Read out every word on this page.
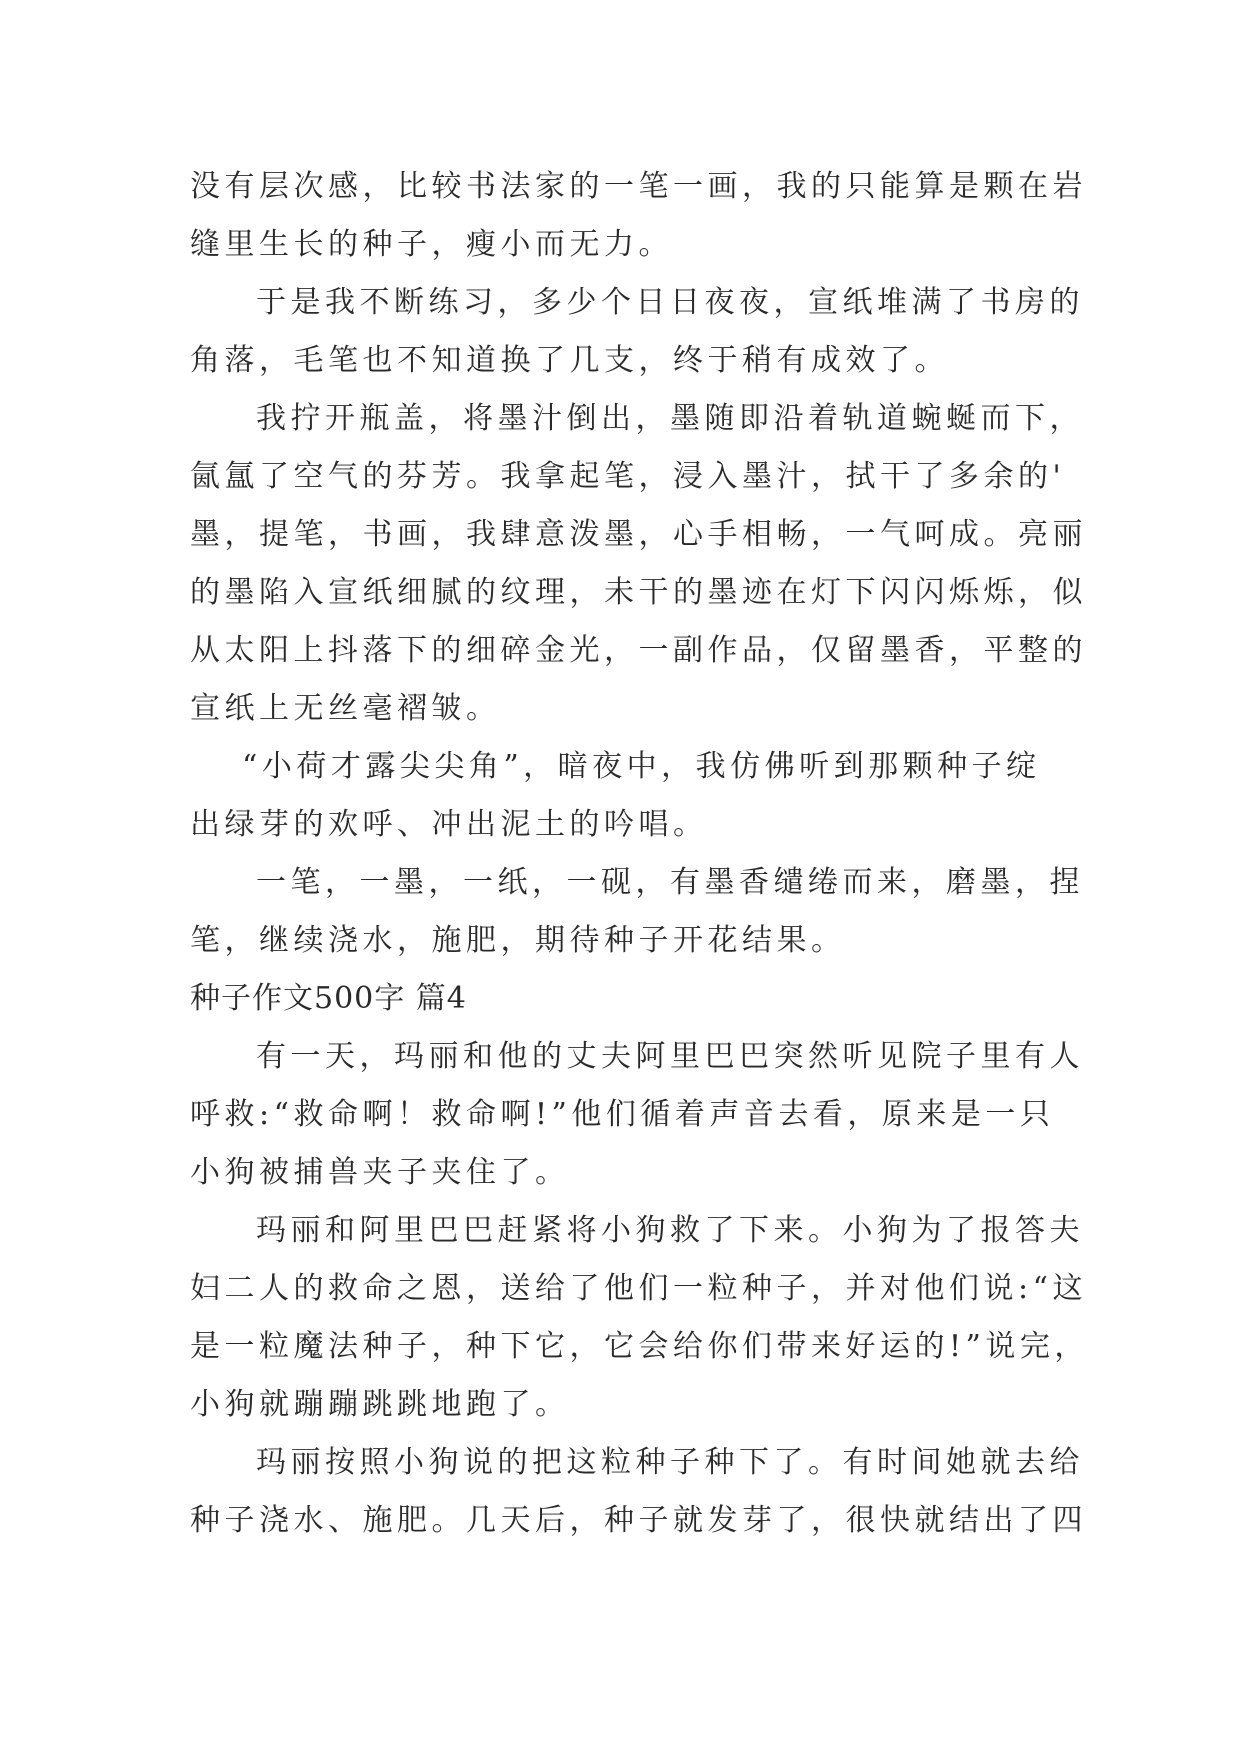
没有层次感，比较书法家的一笔一画，我的只能算是颗在岩

缝里生长的种子，瘦小而无力。

于是我不断练习，多少个日日夜夜，宣纸堆满了书房的

角落，毛笔也不知道换了几支，终于稍有成效了。

我拧开瓶盖，将墨汁倒出，墨随即沿着轨道蜿蜒而下，

氤氲了空气的芬芳。我拿起笔，浸入墨汁，拭干了多余的'

墨，提笔，书画，我肆意泼墨，心手相畅，一气呵成。亮丽

的墨陷入宣纸细腻的纹理，未干的墨迹在灯下闪闪烁烁，似

从太阳上抖落下的细碎金光，一副作品，仅留墨香，平整的

宣纸上无丝毫褶皱。

“小荷才露尖尖角”，暗夜中，我仿佛听到那颗种子绽

出绿芽的欢呼、冲出泥土的吟唱。

一笔，一墨，一纸，一砚，有墨香缱绻而来，磨墨，捏

笔，继续浇水，施肥，期待种子开花结果。

种子作文500字 篇4

有一天，玛丽和他的丈夫阿里巴巴突然听见院子里有人

呼救:“救命啊！救命啊!”他们循着声音去看，原来是一只

小狗被捕兽夹子夹住了。

玛丽和阿里巴巴赶紧将小狗救了下来。小狗为了报答夫

妇二人的救命之恩，送给了他们一粒种子，并对他们说:“这

是一粒魔法种子，种下它，它会给你们带来好运的!”说完，

小狗就蹦蹦跳跳地跑了。

玛丽按照小狗说的把这粒种子种下了。有时间她就去给

种子浇水、施肥。几天后，种子就发芽了，很快就结出了四
